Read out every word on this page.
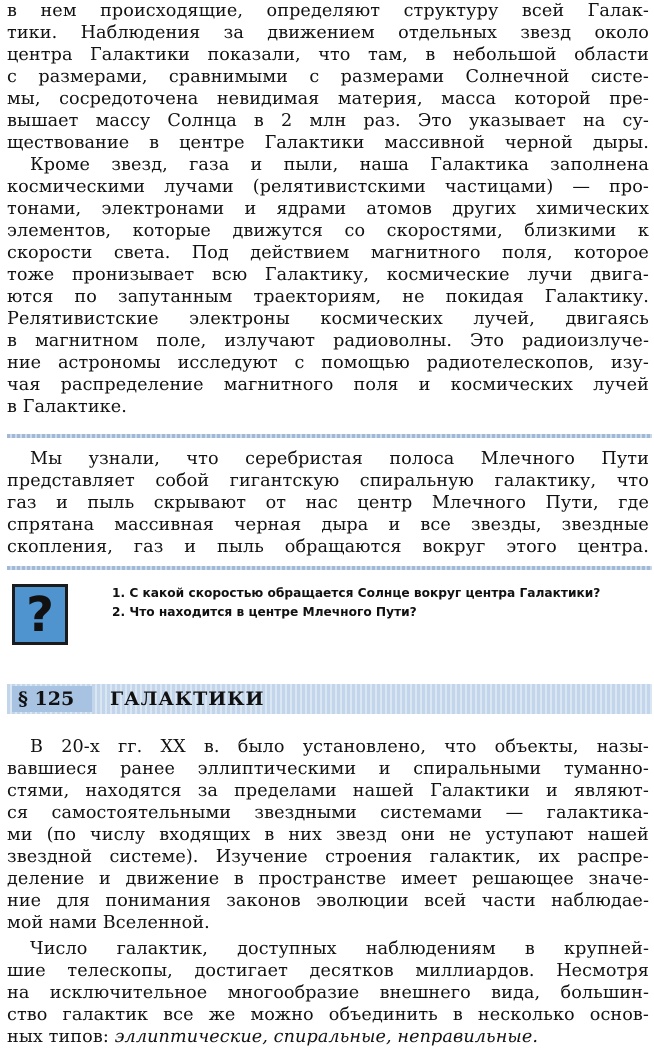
в нем происходящие, определяют структуру всей Галак-
тики. Наблюдения за движением отдельных звезд около
центра Галактики показали, что там, в небольшой области
с размерами, сравнимыми с размерами Солнечной систе-
мы, сосредоточена невидимая материя, масса которой пре-
вышает массу Солнца в 2 млн раз. Это указывает на су-
ществование в центре Галактики массивной черной дыры.
Кроме звезд, газа и пыли, наша Галактика заполнена
космическими лучами (релятивистскими частицами) — про-
тонами, электронами и ядрами атомов других химических
элементов, которые движутся со скоростями, близкими к
скорости света. Под действием магнитного поля, которое
тоже пронизывает всю Галактику, космические лучи двига-
ются по запутанным траекториям, не покидая Галактику.
Релятивистские электроны космических лучей, двигаясь
в магнитном поле, излучают радиоволны. Это радиоизлуче-
ние астрономы исследуют с помощью радиотелескопов, изу-
чая распределение магнитного поля и космических лучей
в Галактике.
Мы узнали, что серебристая полоса Млечного Пути
представляет собой гигантскую спиральную галактику, что
газ и пыль скрывают от нас центр Млечного Пути, где
спрятана массивная черная дыра и все звезды, звездные
скопления, газ и пыль обращаются вокруг этого центра.
?	1. С какой скоростью обращается Солнце вокруг центра Галактики?
2. Что находится в центре Млечного Пути?
§ 125	ГАЛАКТИКИ
В 20-х гг. XX в. было установлено, что объекты, назы-
вавшиеся ранее эллиптическими и спиральными туманно-
стями, находятся за пределами нашей Галактики и являют-
ся самостоятельными звездными системами — галактика-
ми (по числу входящих в них звезд они не уступают нашей
звездной системе). Изучение строения галактик, их распре-
деление и движение в пространстве имеет решающее значе-
ние для понимания законов эволюции всей части наблюдае-
мой нами Вселенной.
Число галактик, доступных наблюдениям в крупней-
шие телескопы, достигает десятков миллиардов. Несмотря
на исключительное многообразие внешнего вида, большин-
ство галактик все же можно объединить в несколько основ-
ных типов: эллиптические, спиральные, неправильные.
